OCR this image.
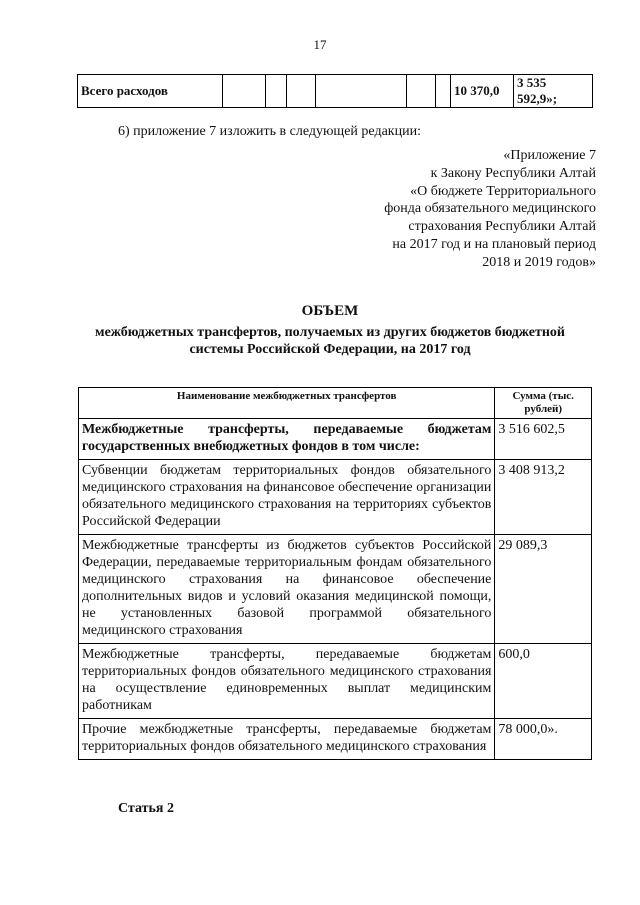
17
Всего расходов							10 370,0	3 535 592,9»;
6) приложение 7 изложить в следующей редакции:
«Приложение 7
к Закону Республики Алтай
«О бюджете Территориального
фонда обязательного медицинского
страхования Республики Алтай
на 2017 год и на плановый период
2018 и 2019 годов»
ОБЪЕМ
межбюджетных трансфертов, получаемых из других бюджетов бюджетной
системы Российской Федерации, на 2017 год
Наименование межбюджетных трансфертов	Сумма (тыс. рублей)
Межбюджетные трансферты, передаваемые бюджетам государственных внебюджетных фондов в том числе:	3 516 602,5
Субвенции бюджетам территориальных фондов обязательного медицинского страхования на финансовое обеспечение организации обязательного медицинского страхования на территориях субъектов Российской Федерации	3 408 913,2
Межбюджетные трансферты из бюджетов субъектов Российской Федерации, передаваемые территориальным фондам обязательного медицинского страхования на финансовое обеспечение дополнительных видов и условий оказания медицинской помощи, не установленных базовой программой обязательного медицинского страхования	29 089,3
Межбюджетные трансферты, передаваемые бюджетам территориальных фондов обязательного медицинского страхования на осуществление единовременных выплат медицинским работникам	600,0
Прочие межбюджетные трансферты, передаваемые бюджетам территориальных фондов обязательного медицинского страхования	78 000,0».
Статья 2
